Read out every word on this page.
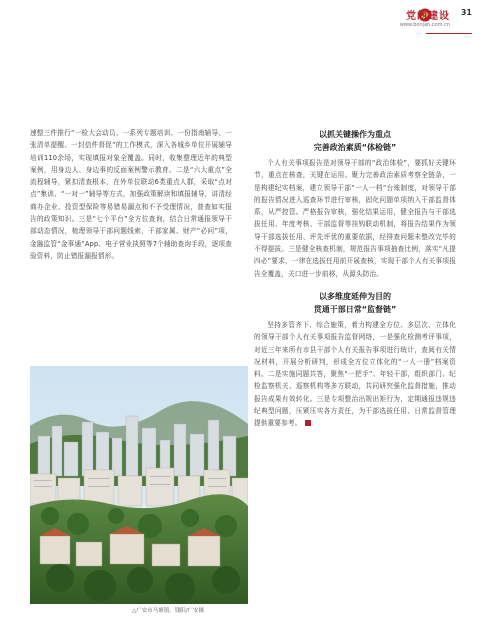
党的建设
www.bonjan.com.cn
31

速整三件推行“一检大会动员、一系列专题培训、一份指南辅导、一张清单提醒、一封信件督促”的工作模式，深入各城乡单位开展辅导培训110余场，实现填报对象全覆盖。同时，收集整理近年的典型案例，用身边人、身边事的反面案例警示教育。二是“六大重点”全流程辅导，紧扣清查根本，在外单位联动6类重点人群，采取“点对点”集训、“一对一”辅导等方式，加强政策解读和填报辅导，讲清经商办企业、投资型保险等易错易漏点和不予受理情况，普查如实报告的政策知识。三是“七个平台”全方位查询，结合日常通报领导干部动态情况，梳理领导干部问题线索，干部家属、财产“必问”项，金融监管“金事通”App、电子营业执照等7个辅助查询手段，逐项查验资料，防止错报漏报情形。

△广安市马塘镇。钱阳/广安摄
以抓关键操作为重点
完善政治素质“体检链”

个人有关事项报告是对领导干部的“政治体检”，要抓好关键环节，重点在核查，关键在运用。聚力完善政治素质考察全链条，一是构建纪实档案，建立领导干部“一人一档”台账制度，对领导干部的报告情况进入巡查环节进行审核，固化问题单项纳入干部监督体系，从严控管。严格报告审核，强化结果运用，健全报告与干部选拔任用、年度考核、干部监督等挂钩联动机制，将报告结果作为领导干部选拔任用、评先评优的重要依据，经排查问题未整改完毕的不得提拔。三是健全核查机制，规范报告事项抽查比例，落实“凡提四必”要求，一律在选拔任用前开展查核，实现干部个人有关事项报告全覆盖，关口进一步前移，从源头防治。

以多维度延伸为目的
贯通干部日常“监督链”

坚持多管齐下、综合施策，着力构建全方位、多层次、立体化的领导干部个人有关事项报告监督网络，一是强化检测考评事项，对近三年来所有市县干部个人有关报告事项进行统计，查阅有关情况材料，开展分析研判，形成全方位立体化的“一人一册”档案资料。二是实施同题共答，聚焦“一把手”、年轻干部，组织部门、纪检监察机关、巡察机构等多方联动，共同研究强化监督措施，推动报告成果有效转化。三是专项整治出规出矩行为，定期通报违规违纪典型问题，压紧压实各方责任，为干部选拔任用、日常监督管理提供重要参考。
